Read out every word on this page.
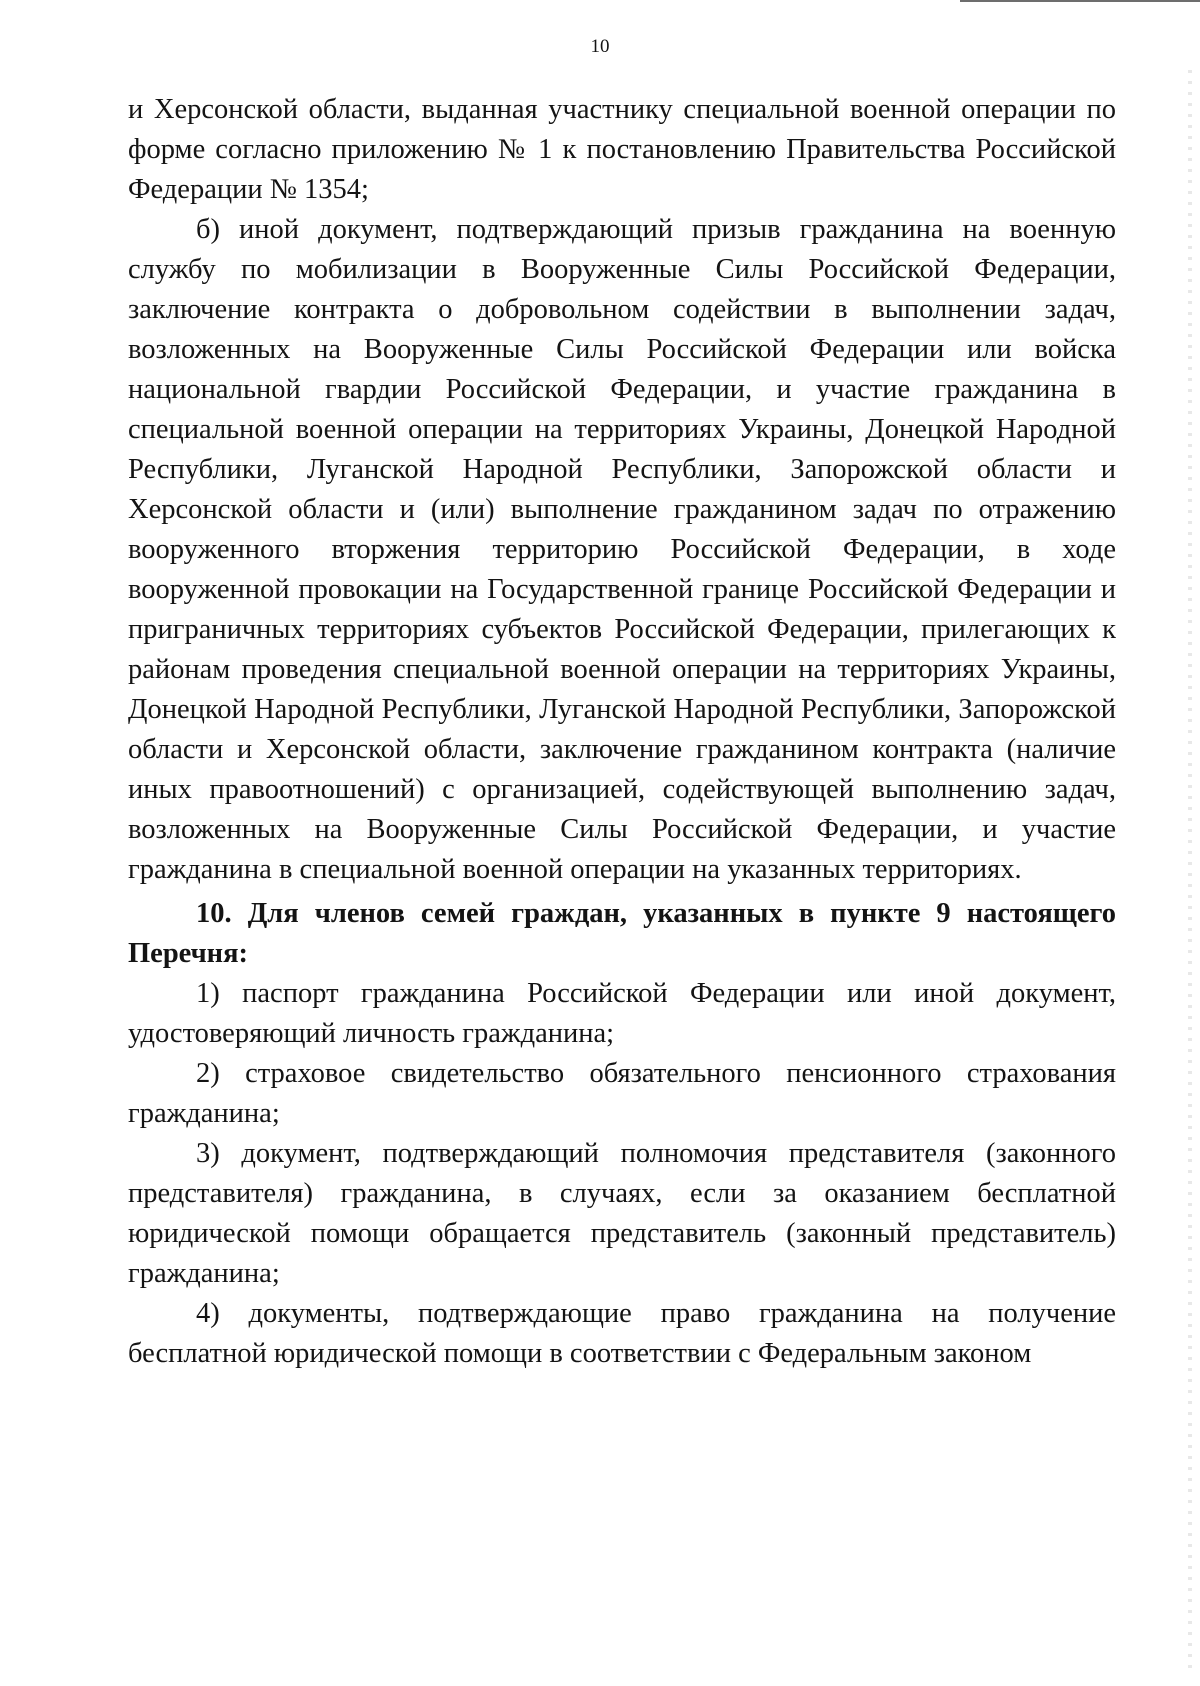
10

и Херсонской области, выданная участнику специальной военной операции по форме согласно приложению № 1 к постановлению Правительства Российской Федерации № 1354;

б) иной документ, подтверждающий призыв гражданина на военную службу по мобилизации в Вооруженные Силы Российской Федерации, заключение контракта о добровольном содействии в выполнении задач, возложенных на Вооруженные Силы Российской Федерации или войска национальной гвардии Российской Федерации, и участие гражданина в специальной военной операции на территориях Украины, Донецкой Народной Республики, Луганской Народной Республики, Запорожской области и Херсонской области и (или) выполнение гражданином задач по отражению вооруженного вторжения территорию Российской Федерации, в ходе вооруженной провокации на Государственной границе Российской Федерации и приграничных территориях субъектов Российской Федерации, прилегающих к районам проведения специальной военной операции на территориях Украины, Донецкой Народной Республики, Луганской Народной Республики, Запорожской области и Херсонской области, заключение гражданином контракта (наличие иных правоотношений) с организацией, содействующей выполнению задач, возложенных на Вооруженные Силы Российской Федерации, и участие гражданина в специальной военной операции на указанных территориях.

10. Для членов семей граждан, указанных в пункте 9 настоящего Перечня:

1) паспорт гражданина Российской Федерации или иной документ, удостоверяющий личность гражданина;

2) страховое свидетельство обязательного пенсионного страхования гражданина;

3) документ, подтверждающий полномочия представителя (законного представителя) гражданина, в случаях, если за оказанием бесплатной юридической помощи обращается представитель (законный представитель) гражданина;

4) документы, подтверждающие право гражданина на получение бесплатной юридической помощи в соответствии с Федеральным законом
